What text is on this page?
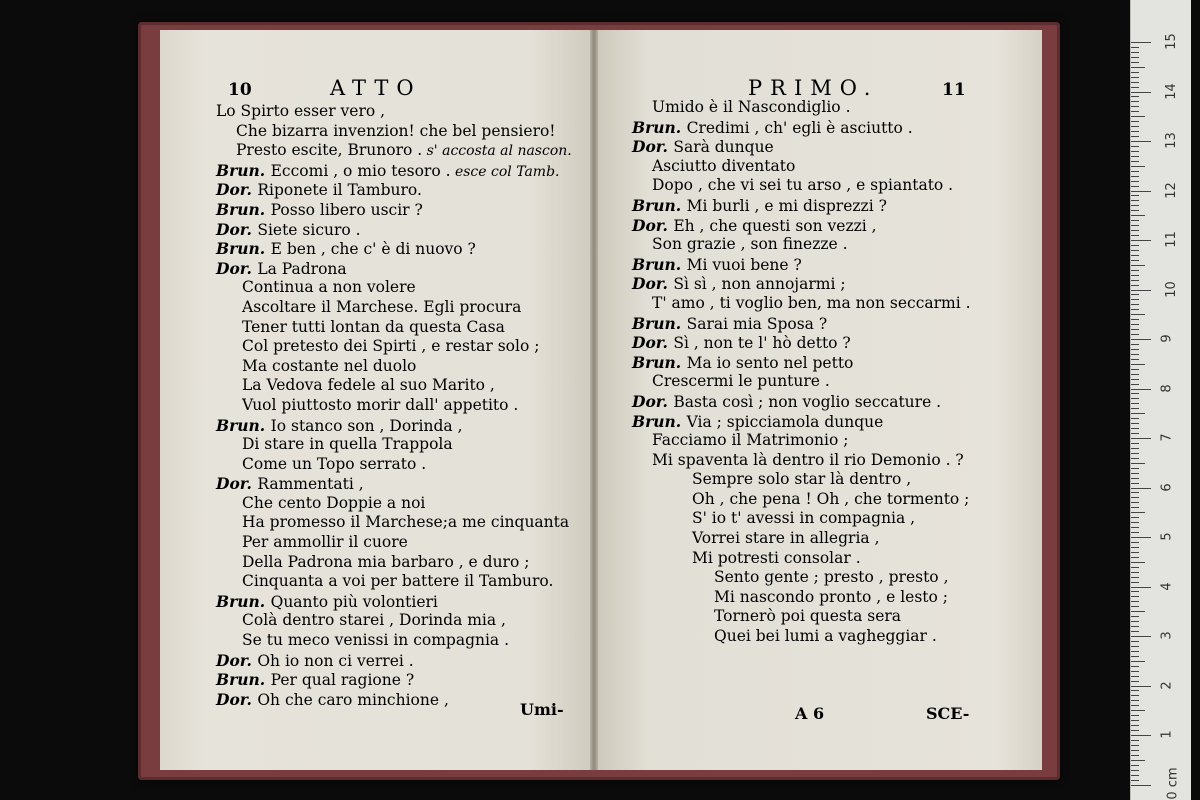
10	ATTO
Lo Spirto esser vero ,
Che bizarra invenzion! che bel pensiero!
Presto escite, Brunoro . s' accosta al nascon.
Brun. Eccomi , o mio tesoro . esce col Tamb.
Dor. Riponete il Tamburo.
Brun. Posso libero uscir ?
Dor. Siete sicuro .
Brun. E ben , che c' è di nuovo ?
Dor. La Padrona
Continua a non volere
Ascoltare il Marchese. Egli procura
Tener tutti lontan da questa Casa
Col pretesto dei Spirti , e restar solo ;
Ma costante nel duolo
La Vedova fedele al suo Marito ,
Vuol piuttosto morir dall' appetito .
Brun. Io stanco son , Dorinda ,
Di stare in quella Trappola
Come un Topo serrato .
Dor. Rammentati ,
Che cento Doppie a noi
Ha promesso il Marchese;a me cinquanta
Per ammollir il cuore
Della Padrona mia barbaro , e duro ;
Cinquanta a voi per battere il Tamburo.
Brun. Quanto più volontieri
Colà dentro starei , Dorinda mia ,
Se tu meco venissi in compagnia .
Dor. Oh io non ci verrei .
Brun. Per qual ragione ?
Dor. Oh che caro minchione ,
Umi-
PRIMO.	11
Umido è il Nascondiglio .
Brun. Credimi , ch' egli è asciutto .
Dor. Sarà dunque
Asciutto diventato
Dopo , che vi sei tu arso , e spiantato .
Brun. Mi burli , e mi disprezzi ?
Dor. Eh , che questi son vezzi ,
Son grazie , son finezze .
Brun. Mi vuoi bene ?
Dor. Sì sì , non annojarmi ;
T' amo , ti voglio ben, ma non seccarmi .
Brun. Sarai mia Sposa ?
Dor. Sì , non te l' hò detto ?
Brun. Ma io sento nel petto
Crescermi le punture .
Dor. Basta così ; non voglio seccature .
Brun. Via ; spicciamola dunque
Facciamo il Matrimonio ;
Mi spaventa là dentro il rio Demonio . ?
Sempre solo star là dentro ,
Oh , che pena ! Oh , che tormento ;
S' io t' avessi in compagnia ,
Vorrei stare in allegria ,
Mi potresti consolar .
Sento gente ; presto , presto ,
Mi nascondo pronto , e lesto ;
Tornerò poi questa sera
Quei bei lumi a vagheggiar .
A 6	SCE-
0 cm
15
14
13
12
11
10
9
8
7
6
5
4
3
2
1
